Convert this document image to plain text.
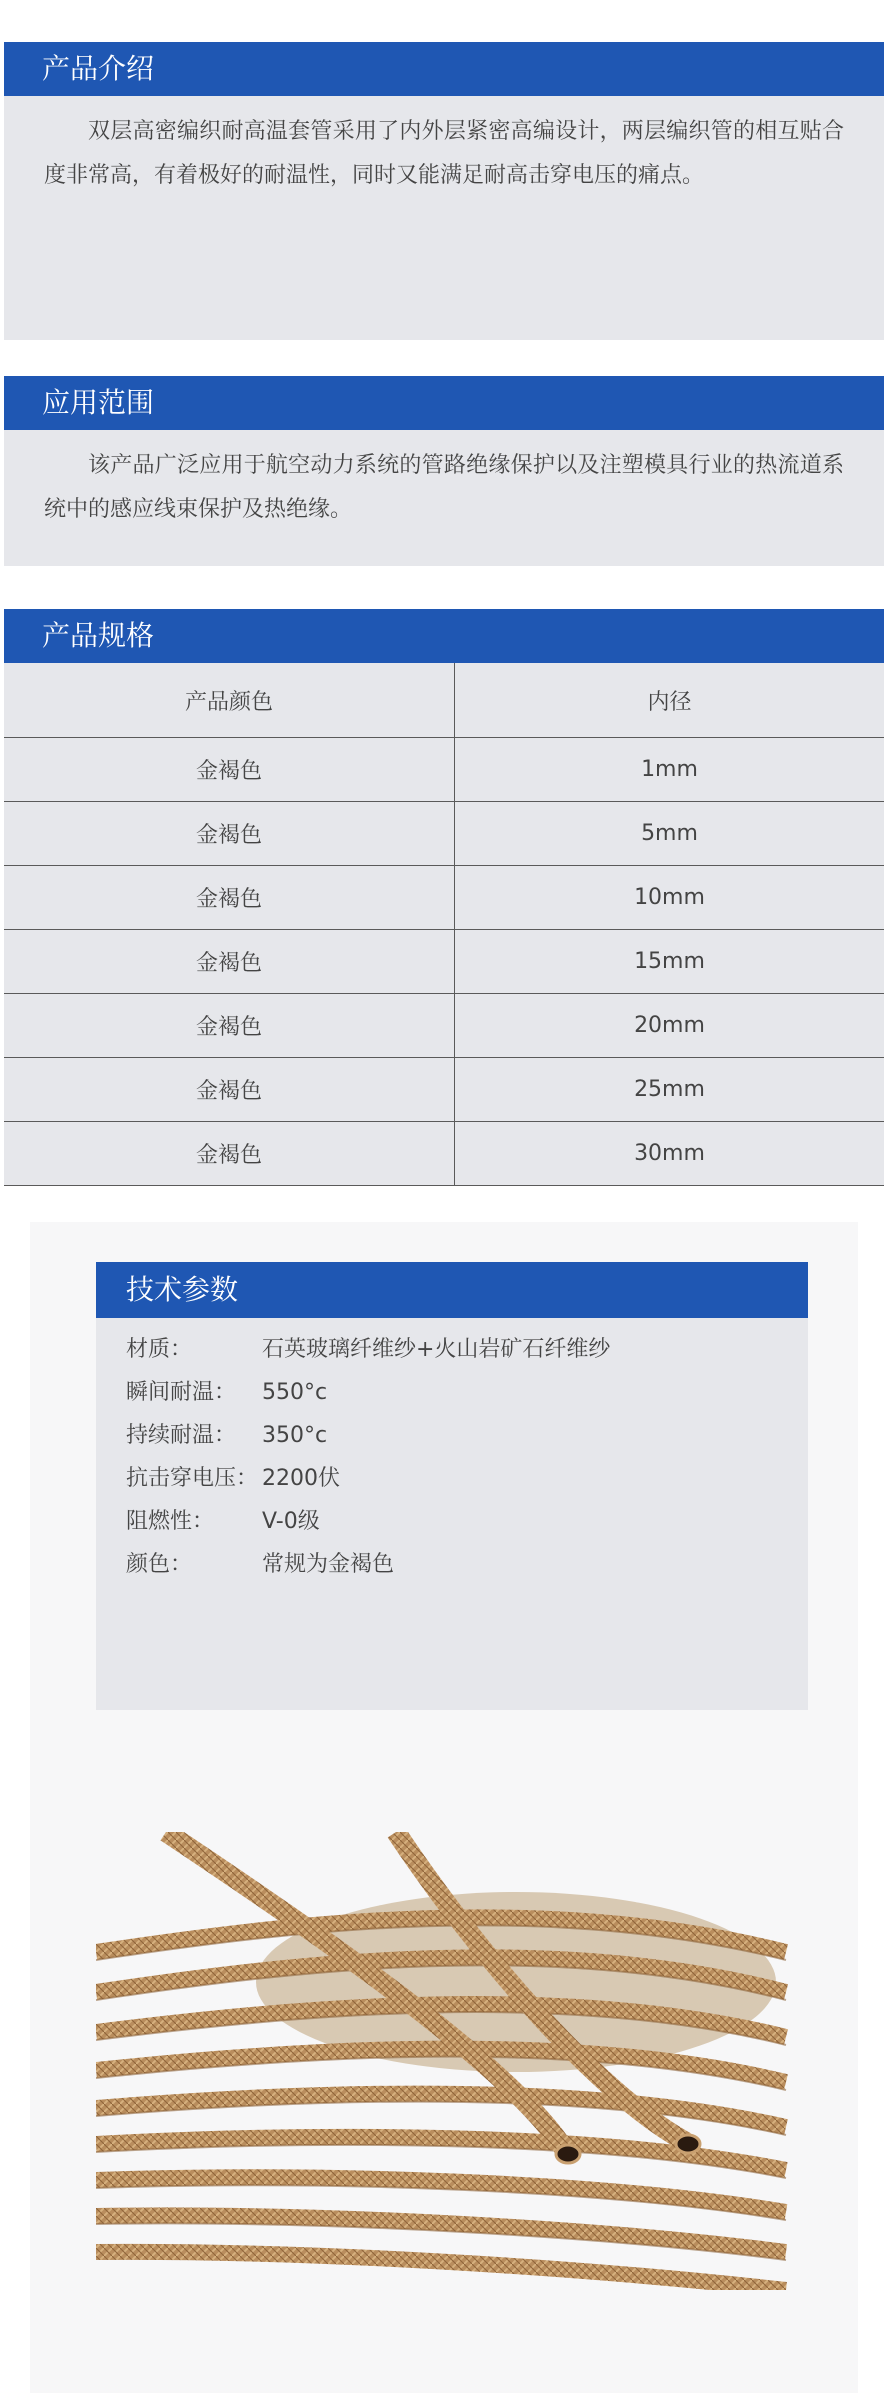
产品介绍
双层高密编织耐高温套管采用了内外层紧密高编设计，两层编织管的相互贴合度非常高，有着极好的耐温性，同时又能满足耐高击穿电压的痛点。
应用范围
该产品广泛应用于航空动力系统的管路绝缘保护以及注塑模具行业的热流道系统中的感应线束保护及热绝缘。
产品规格
产品颜色	内径
金褐色	1mm
金褐色	5mm
金褐色	10mm
金褐色	15mm
金褐色	20mm
金褐色	25mm
金褐色	30mm
技术参数
材质：	石英玻璃纤维纱+火山岩矿石纤维纱
瞬间耐温：	550°c
持续耐温：	350°c
抗击穿电压： 2200伏
阻燃性：	V-0级
颜色：	常规为金褐色
